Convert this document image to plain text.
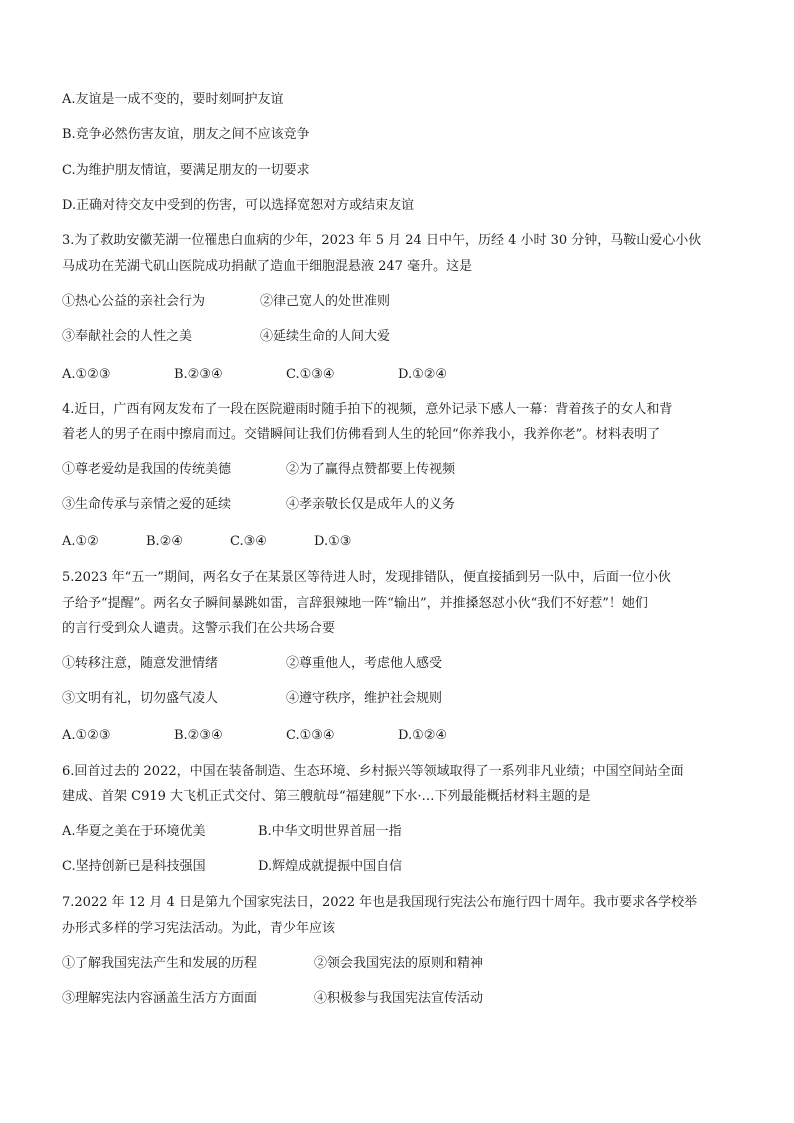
A.友谊是一成不变的，要时刻呵护友谊
B.竞争必然伤害友谊，朋友之间不应该竞争
C.为维护朋友情谊，要满足朋友的一切要求
D.正确对待交友中受到的伤害，可以选择宽恕对方或结束友谊
3.为了救助安徽芜湖一位罹患白血病的少年，2023 年 5 月 24 日中午，历经 4 小时 30 分钟，马鞍山爱心小伙
马成功在芜湖弋矶山医院成功捐献了造血干细胞混悬液 247 毫升。这是
①热心公益的亲社会行为	②律己宽人的处世准则
③奉献社会的人性之美	④延续生命的人间大爱
A.①②③	B.②③④	C.①③④	D.①②④
4.近日，广西有网友发布了一段在医院避雨时随手拍下的视频，意外记录下感人一幕：背着孩子的女人和背
着老人的男子在雨中擦肩而过。交错瞬间让我们仿佛看到人生的轮回“你养我小，我养你老”。材料表明了
①尊老爱幼是我国的传统美德	②为了赢得点赞都要上传视频
③生命传承与亲情之爱的延续	④孝亲敬长仅是成年人的义务
A.①②	B.②④	C.③④	D.①③
5.2023 年“五一”期间，两名女子在某景区等待进人时，发现排错队，便直接插到另一队中，后面一位小伙
子给予“提醒”。两名女子瞬间暴跳如雷，言辞狠辣地一阵“输出”，并推搡怒怼小伙“我们不好惹”！她们
的言行受到众人谴责。这警示我们在公共场合要
①转移注意，随意发泄情绪	②尊重他人，考虑他人感受
③文明有礼，切勿盛气凌人	④遵守秩序，维护社会规则
A.①②③	B.②③④	C.①③④	D.①②④
6.回首过去的 2022，中国在装备制造、生态环境、乡村振兴等领域取得了一系列非凡业绩；中国空间站全面
建成、首架 C919 大飞机正式交付、第三艘航母“福建舰”下水·…下列最能概括材料主题的是
A.华夏之美在于环境优美	B.中华文明世界首屈一指
C.坚持创新已是科技强国	D.辉煌成就提振中国自信
7.2022 年 12 月 4 日是第九个国家宪法日，2022 年也是我国现行宪法公布施行四十周年。我市要求各学校举
办形式多样的学习宪法活动。为此，青少年应该
①了解我国宪法产生和发展的历程	②领会我国宪法的原则和精神
③理解宪法内容涵盖生活方方面面	④积极参与我国宪法宣传活动
